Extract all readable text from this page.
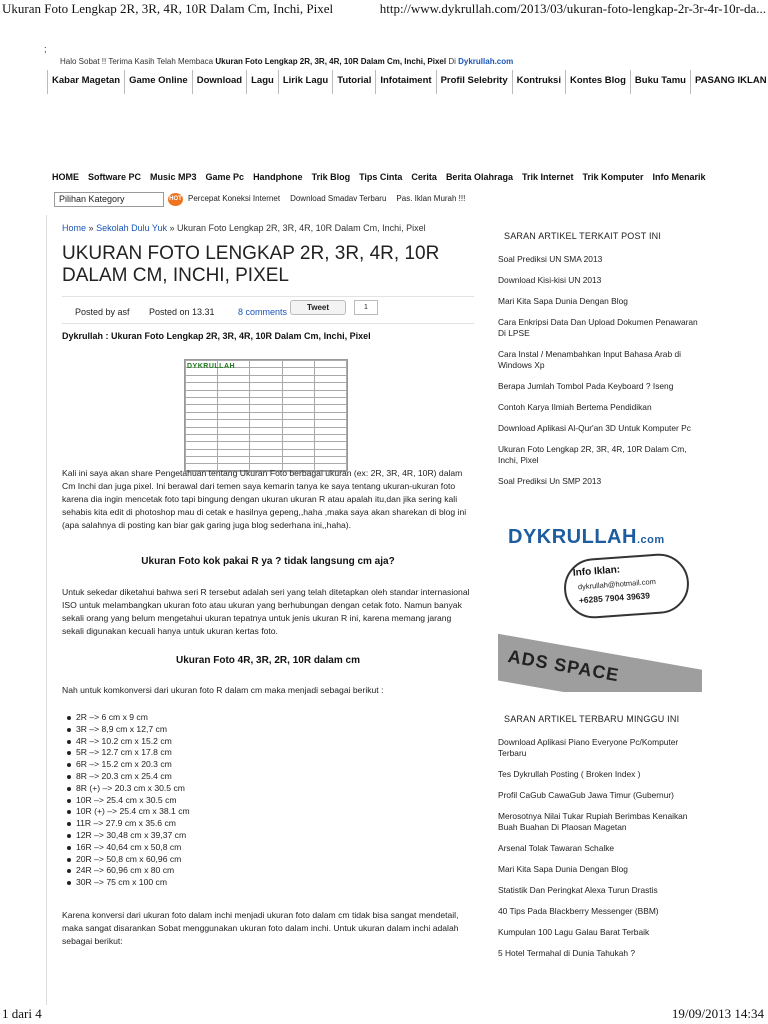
Ukuran Foto Lengkap 2R, 3R, 4R, 10R Dalam Cm, Inchi, Pixel	http://www.dykrullah.com/2013/03/ukuran-foto-lengkap-2r-3r-4r-10r-da...
;
Halo Sobat !! Terima Kasih Telah Membaca Ukuran Foto Lengkap 2R, 3R, 4R, 10R Dalam Cm, Inchi, Pixel Di Dykrullah.com
Kabar Magetan Game Online Download Lagu Lirik Lagu Tutorial Infotaiment Profil Selebrity Kontruksi Kontes Blog Buku Tamu PASANG IKLAN
HOME Software PC Music MP3 Game Pc Handphone Trik Blog Tips Cinta Cerita Berita Olahraga Trik Internet Trik Komputer Info Menarik
Pilihan Kategory	HOT Percepat Koneksi Internet Download Smadav Terbaru Pas. Iklan Murah !!!
Home » Sekolah Dulu Yuk » Ukuran Foto Lengkap 2R, 3R, 4R, 10R Dalam Cm, Inchi, Pixel
UKURAN FOTO LENGKAP 2R, 3R, 4R, 10R DALAM CM, INCHI, PIXEL
Posted by asf Posted on 13.31	8 comments	Tweet	1
Dykrullah : Ukuran Foto Lengkap 2R, 3R, 4R, 10R Dalam Cm, Inchi, Pixel

DYKRULLAH

Kali ini saya akan share Pengetahuan tentang Ukuran Foto berbagai ukuran (ex: 2R, 3R, 4R, 10R) dalam Cm Inchi dan juga pixel. Ini berawal dari temen saya kemarin tanya ke saya tentang ukuran-ukuran foto karena dia ingin mencetak foto tapi bingung dengan ukuran ukuran R atau apalah itu,dan jika sering kali sehabis kita edit di photoshop mau di cetak e hasilnya gepeng,,haha ,maka saya akan sharekan di blog ini (apa salahnya di posting kan biar gak garing juga blog sederhana ini,,haha).

Ukuran Foto kok pakai R ya ? tidak langsung cm aja?

Untuk sekedar diketahui bahwa seri R tersebut adalah seri yang telah ditetapkan oleh standar internasional ISO untuk melambangkan ukuran foto atau ukuran yang berhubungan dengan cetak foto. Namun banyak sekali orang yang belum mengetahui ukuran tepatnya untuk jenis ukuran R ini, karena memang jarang sekali digunakan kecuali hanya untuk ukuran kertas foto.

Ukuran Foto 4R, 3R, 2R, 10R dalam cm

Nah untuk komkonversi dari ukuran foto R dalam cm maka menjadi sebagai berikut :

2R –> 6 cm x 9 cm
3R –> 8,9 cm x 12,7 cm
4R –> 10.2 cm x 15.2 cm
5R –> 12.7 cm x 17.8 cm
6R –> 15.2 cm x 20.3 cm
8R –> 20.3 cm x 25.4 cm
8R (+) –> 20.3 cm x 30.5 cm
10R –> 25.4 cm x 30.5 cm
10R (+) –> 25.4 cm x 38.1 cm
11R –> 27.9 cm x 35.6 cm
12R –> 30,48 cm x 39,37 cm
16R –> 40,64 cm x 50,8 cm
20R –> 50,8 cm x 60,96 cm
24R –> 60,96 cm x 80 cm
30R –> 75 cm x 100 cm

Karena konversi dari ukuran foto dalam inchi menjadi ukuran foto dalam cm tidak bisa sangat mendetail, maka sangat disarankan Sobat menggunakan ukuran foto dalam inchi. Untuk ukuran dalam inchi adalah sebagai berikut:

SARAN ARTIKEL TERKAIT POST INI
Soal Prediksi UN SMA 2013
Download Kisi-kisi UN 2013
Mari Kita Sapa Dunia Dengan Blog
Cara Enkripsi Data Dan Upload Dokumen Penawaran Di LPSE
Cara Instal / Menambahkan Input Bahasa Arab di Windows Xp
Berapa Jumlah Tombol Pada Keyboard ? Iseng
Contoh Karya Ilmiah Bertema Pendidikan
Download Aplikasi Al-Qur'an 3D Untuk Komputer Pc
Ukuran Foto Lengkap 2R, 3R, 4R, 10R Dalam Cm, Inchi, Pixel
Soal Prediksi Un SMP 2013
DYKRULLAH.com
Info Iklan:
dykrullah@hotmail.com
+6285 7904 39639
ADS SPACE
SARAN ARTIKEL TERBARU MINGGU INI
Download Aplikasi Piano Everyone Pc/Komputer Terbaru
Tes Dykrullah Posting ( Broken Index )
Profil CaGub CawaGub Jawa Timur (Gubernur)
Merosotnya Nilai Tukar Rupiah Berimbas Kenaikan Buah Buahan Di Plaosan Magetan
Arsenal Tolak Tawaran Schalke
Mari Kita Sapa Dunia Dengan Blog
Statistik Dan Peringkat Alexa Turun Drastis
40 Tips Pada Blackberry Messenger (BBM)
Kumpulan 100 Lagu Galau Barat Terbaik
5 Hotel Termahal di Dunia Tahukah ?
1 dari 4	19/09/2013 14:34
